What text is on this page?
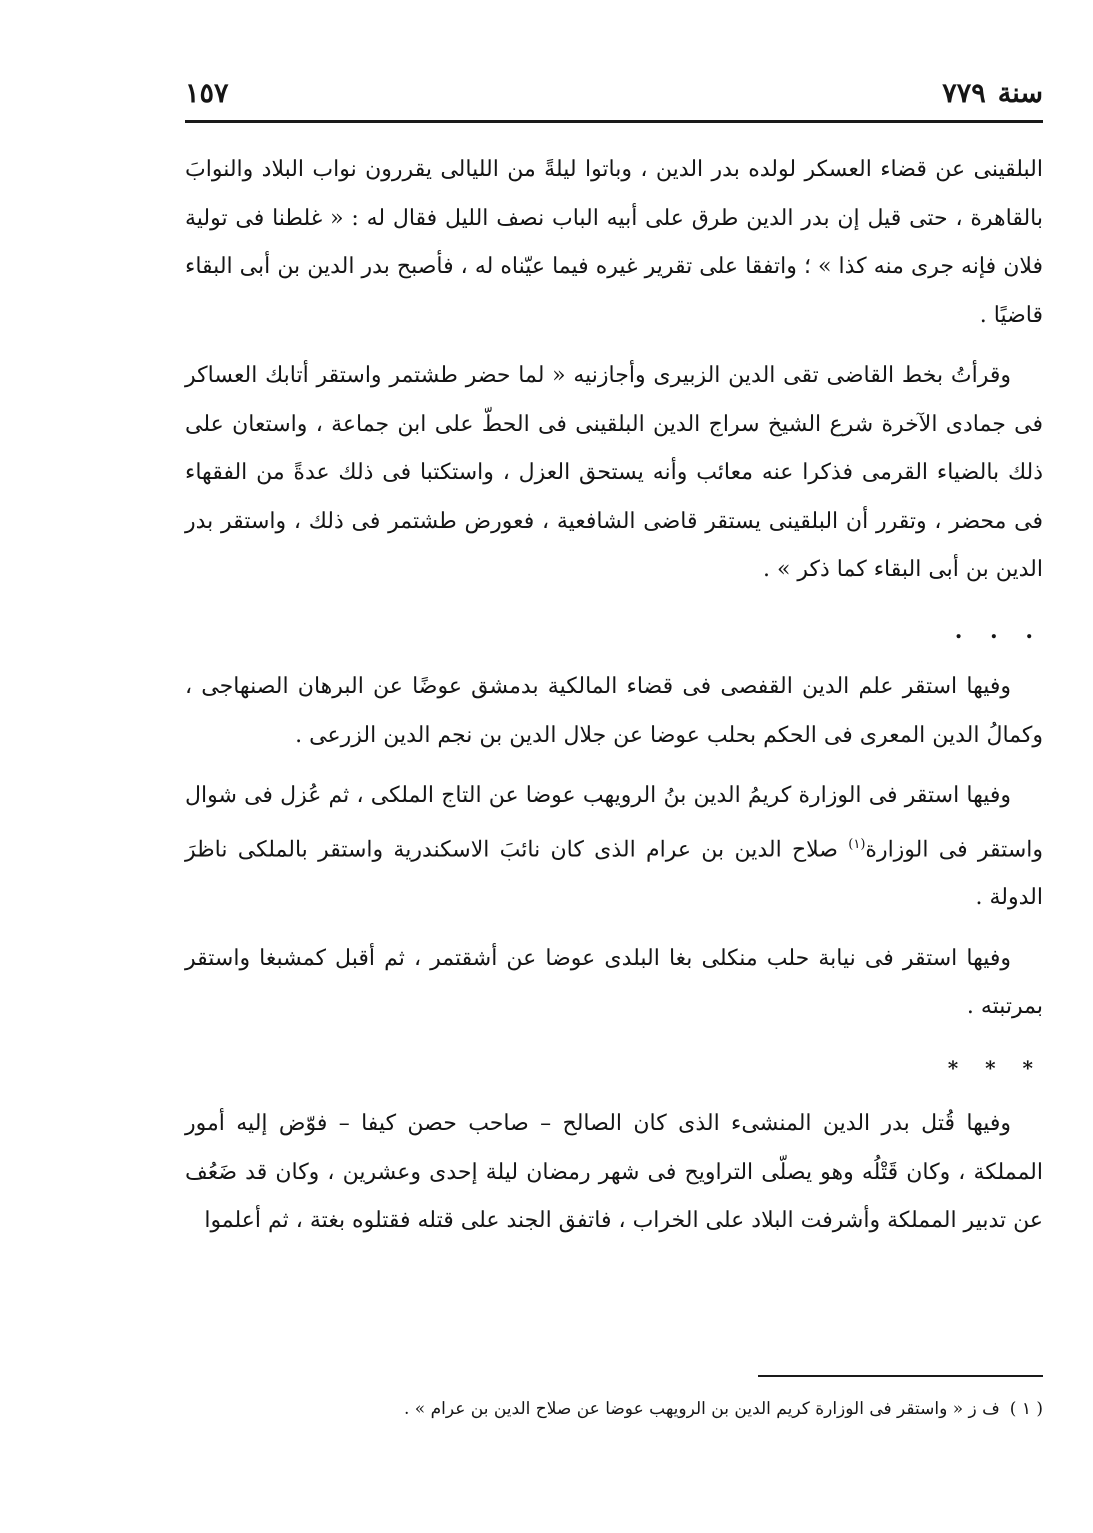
سنة٧٧٩
١٥٧

البلقينى عن قضاء العسكر لولده بدر الدين ، وباتوا ليلةً من الليالى يقررون نواب البلاد والنوابَ بالقاهرة ، حتى قيل إن بدر الدين طرق على أبيه الباب نصف الليل فقال له : « غلطنا فى تولية فلان فإنه جرى منه كذا » ؛ واتفقا على تقرير غيره فيما عيّناه له ، فأصبح بدر الدين بن أبى البقاء قاضيًا .

وقرأتُ بخط القاضى تقى الدين الزبيرى وأجازنيه « لما حضر طشتمر واستقر أتابك العساكر فى جمادى الآخرة شرع الشيخ سراج الدين البلقينى فى الحطّ على ابن جماعة ، واستعان على ذلك بالضياء القرمى فذكرا عنه معائب وأنه يستحق العزل ، واستكتبا فى ذلك عدةً من الفقهاء فى محضر ، وتقرر أن البلقينى يستقر قاضى الشافعية ، فعورض طشتمر فى ذلك ، واستقر بدر الدين بن أبى البقاء كما ذكر » .

. . .

وفيها استقر علم الدين القفصى فى قضاء المالكية بدمشق عوضًا عن البرهان الصنهاجى ، وكمالُ الدين المعرى فى الحكم بحلب عوضا عن جلال الدين بن نجم الدين الزرعى .

وفيها استقر فى الوزارة كريمُ الدين بنُ الرويهب عوضا عن التاج الملكى ، ثم عُزل فى شوال واستقر فى الوزارة$^{(١)}$ صلاح الدين بن عرام الذى كان نائبَ الاسكندرية واستقر بالملكى ناظرَ الدولة .

وفيها استقر فى نيابة حلب منكلى بغا البلدى عوضا عن أشقتمر ، ثم أقبل كمشبغا واستقر بمرتبته .

* * *

وفيها قُتل بدر الدين المنشىء الذى كان الصالح – صاحب حصن كيفا – فوّض إليه أمور المملكة ، وكان قَتْلُه وهو يصلّى التراويح فى شهر رمضان ليلة إحدى وعشرين ، وكان قد ضَعُف عن تدبير المملكة وأشرفت البلاد على الخراب ، فاتفق الجند على قتله فقتلوه بغتة ، ثم أعلموا

( ١ )ف ز « واستقر فى الوزارة كريم الدين بن الرويهب عوضا عن صلاح الدين بن عرام » .
